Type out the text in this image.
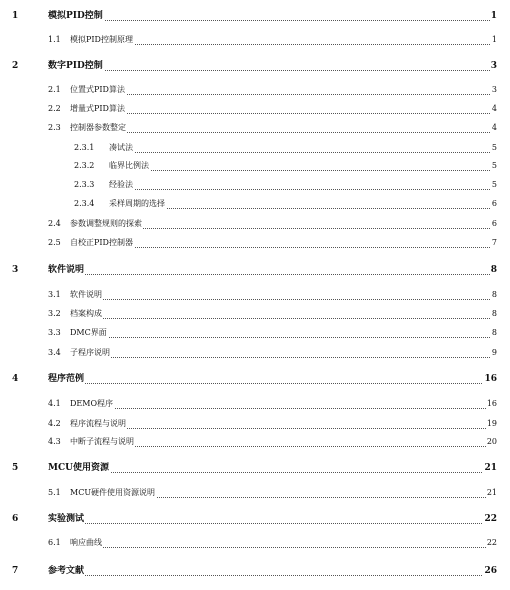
1	模拟PID控制	1
1.1 模拟PID控制原理	1
2	数字PID控制	3
2.1 位置式PID算法	3
2.2 增量式PID算法	4
2.3 控制器参数整定	4
2.3.1 凑试法	5
2.3.2 临界比例法	5
2.3.3 经验法	5
2.3.4 采样周期的选择	6
2.4 参数调整规则的探索	6
2.5 自校正PID控制器	7
3	软件说明	8
3.1 软件说明	8
3.2 档案构成	8
3.3 DMC界面	8
3.4 子程序说明	9
4	程序范例	16
4.1 DEMO程序	16
4.2 程序流程与说明	19
4.3 中断子流程与说明	20
5	MCU使用资源	21
5.1 MCU硬件使用资源说明	21
6	实验测试	22
6.1 响应曲线	22
7	参考文献	26
